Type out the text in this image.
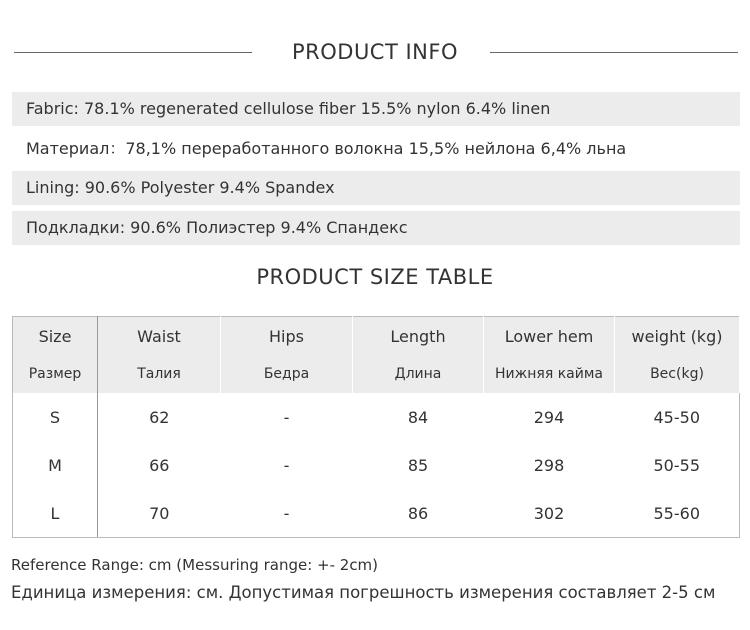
PRODUCT INFO
Fabric: 78.1% regenerated cellulose fiber 15.5% nylon 6.4% linen
Материал：78,1% переработанного волокна 15,5% нейлона 6,4% льна
Lining: 90.6% Polyester 9.4% Spandex
Подкладки: 90.6% Полиэстер 9.4% Спандекс
PRODUCT SIZE TABLE
Size	Waist	Hips	Length	Lower hem	weight (kg)
Размер	Талия	Бедра	Длина	Нижняя кайма	Вес(kg)
S	62	-	84	294	45-50
M	66	-	85	298	50-55
L	70	-	86	302	55-60
Reference Range: cm (Messuring range: +- 2cm)
Единица измерения: см. Допустимая погрешность измерения составляет 2-5 см
